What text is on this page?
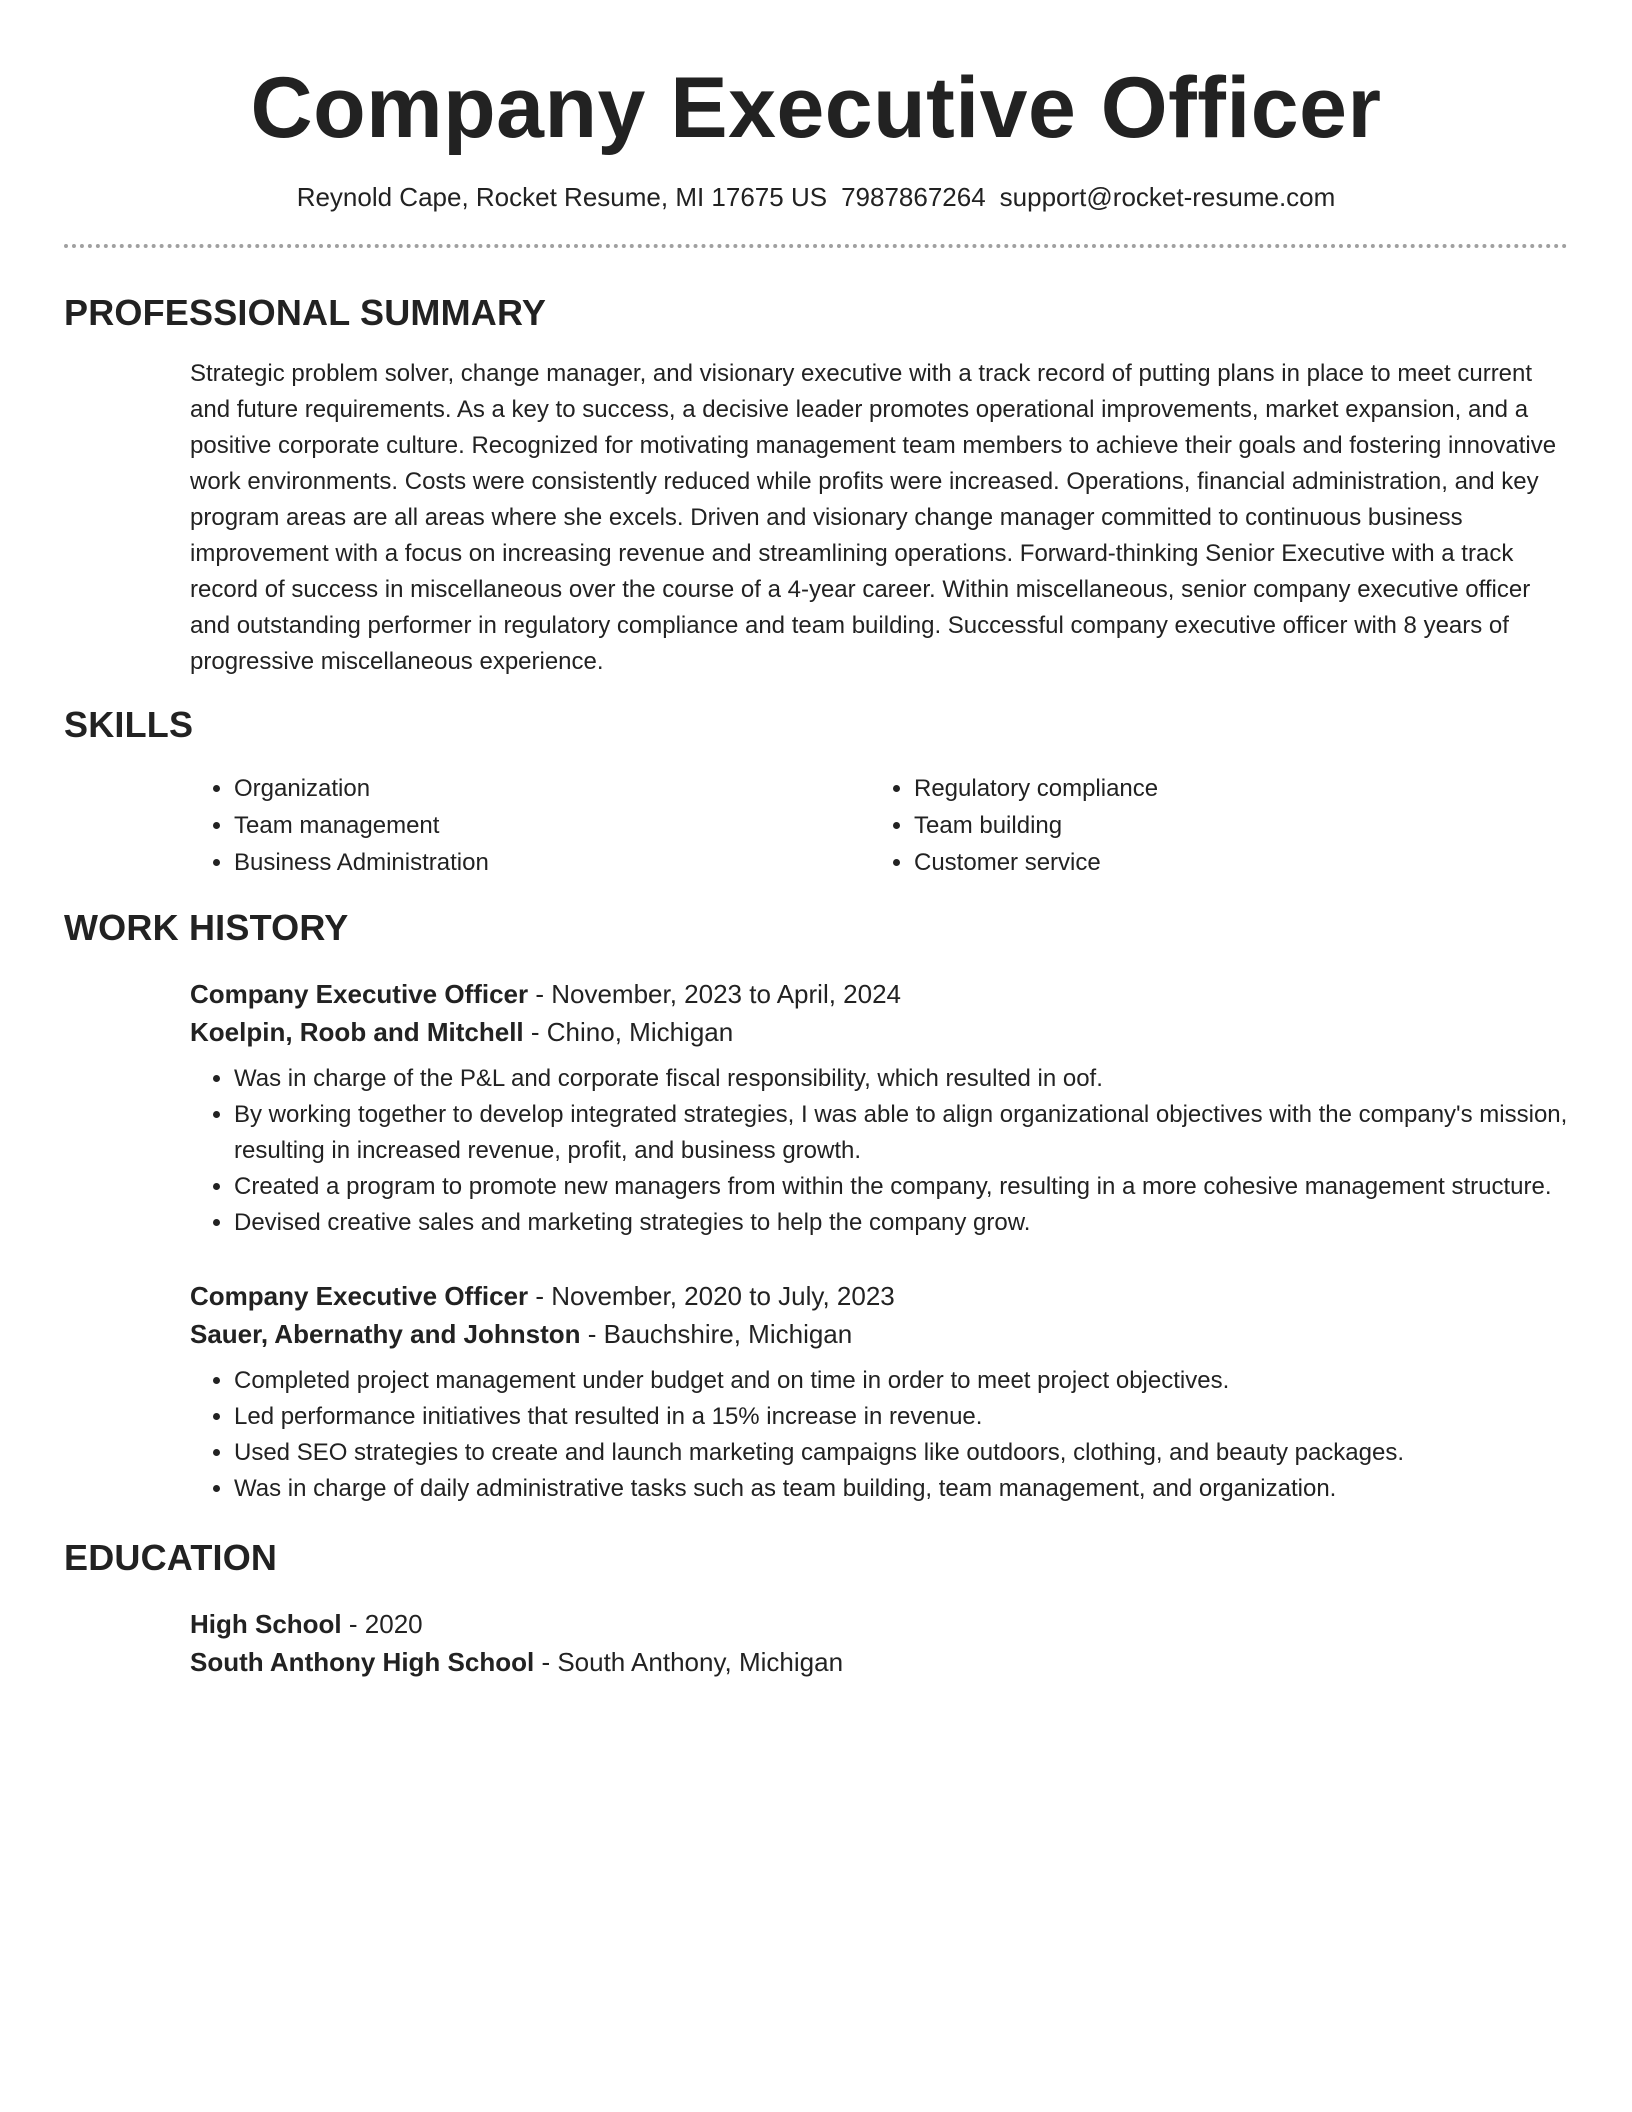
Company Executive Officer
Reynold Cape, Rocket Resume, MI 17675 US 7987867264 support@rocket-resume.com
PROFESSIONAL SUMMARY
Strategic problem solver, change manager, and visionary executive with a track record of putting plans in place to meet current and future requirements. As a key to success, a decisive leader promotes operational improvements, market expansion, and a positive corporate culture. Recognized for motivating management team members to achieve their goals and fostering innovative work environments. Costs were consistently reduced while profits were increased. Operations, financial administration, and key program areas are all areas where she excels. Driven and visionary change manager committed to continuous business improvement with a focus on increasing revenue and streamlining operations. Forward-thinking Senior Executive with a track record of success in miscellaneous over the course of a 4-year career. Within miscellaneous, senior company executive officer and outstanding performer in regulatory compliance and team building. Successful company executive officer with 8 years of progressive miscellaneous experience.
SKILLS
• Organization
• Team management
• Business Administration
• Regulatory compliance
• Team building
• Customer service
WORK HISTORY
Company Executive Officer - November, 2023 to April, 2024
Koelpin, Roob and Mitchell - Chino, Michigan
• Was in charge of the P&L and corporate fiscal responsibility, which resulted in oof.
• By working together to develop integrated strategies, I was able to align organizational objectives with the company's mission, resulting in increased revenue, profit, and business growth.
• Created a program to promote new managers from within the company, resulting in a more cohesive management structure.
• Devised creative sales and marketing strategies to help the company grow.
Company Executive Officer - November, 2020 to July, 2023
Sauer, Abernathy and Johnston - Bauchshire, Michigan
• Completed project management under budget and on time in order to meet project objectives.
• Led performance initiatives that resulted in a 15% increase in revenue.
• Used SEO strategies to create and launch marketing campaigns like outdoors, clothing, and beauty packages.
• Was in charge of daily administrative tasks such as team building, team management, and organization.
EDUCATION
High School - 2020
South Anthony High School - South Anthony, Michigan
